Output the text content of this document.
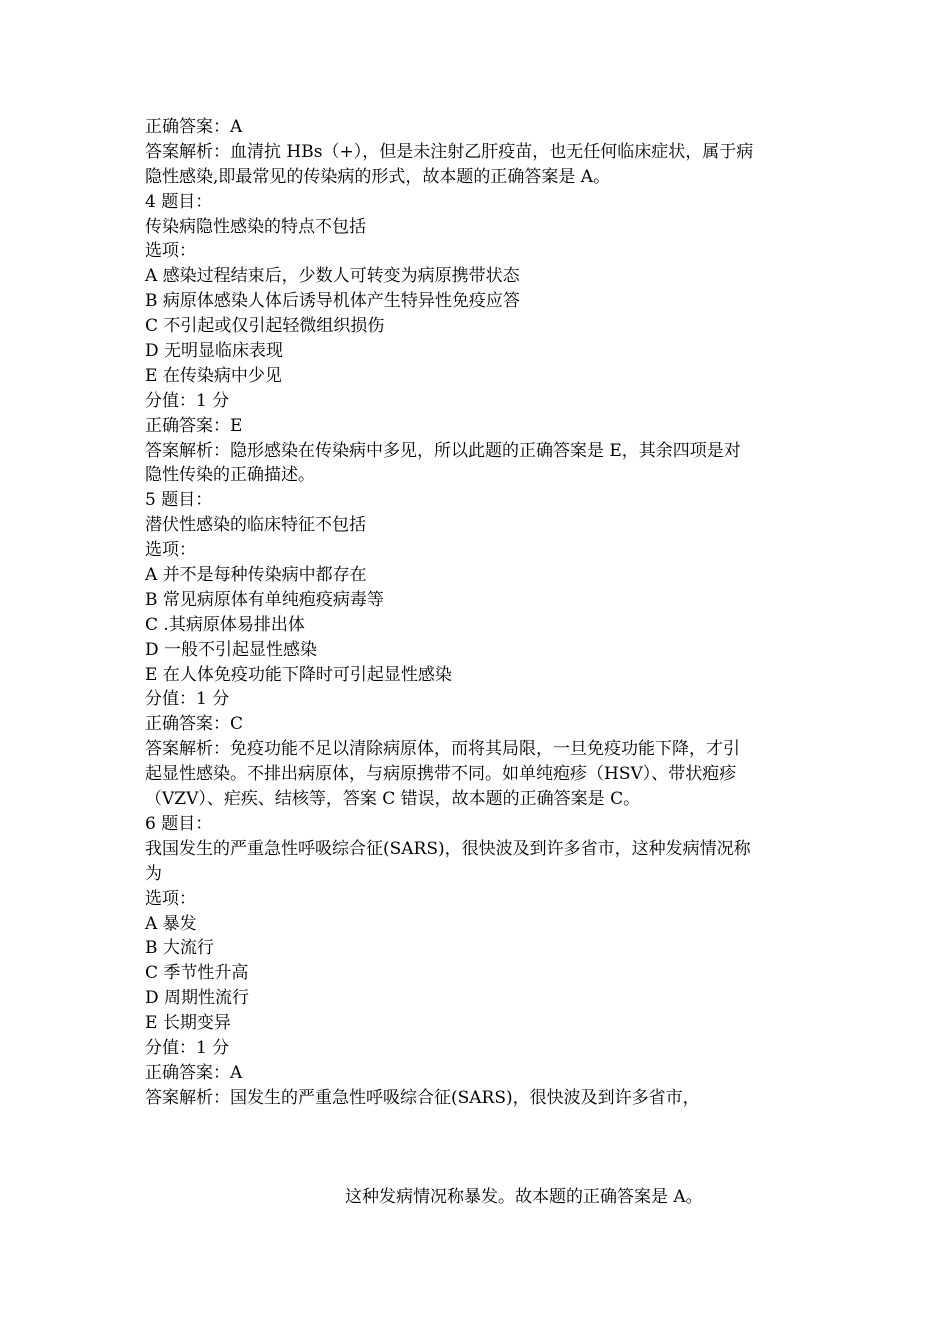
正确答案：A
答案解析：血清抗 HBs（+），但是未注射乙肝疫苗，也无任何临床症状，属于病
隐性感染,即最常见的传染病的形式，故本题的正确答案是 A。
4 题目：
传染病隐性感染的特点不包括
选项：
A 感染过程结束后，少数人可转变为病原携带状态
B 病原体感染人体后诱导机体产生特异性免疫应答
C 不引起或仅引起轻微组织损伤
D 无明显临床表现
E 在传染病中少见
分值：1 分
正确答案：E
答案解析：隐形感染在传染病中多见，所以此题的正确答案是 E，其余四项是对
隐性传染的正确描述。
5 题目：
潜伏性感染的临床特征不包括
选项：
A 并不是每种传染病中都存在
B 常见病原体有单纯疱疫病毒等
C .其病原体易排出体
D 一般不引起显性感染
E 在人体免疫功能下降时可引起显性感染
分值：1 分
正确答案：C
答案解析：免疫功能不足以清除病原体，而将其局限，一旦免疫功能下降，才引
起显性感染。不排出病原体，与病原携带不同。如单纯疱疹（HSV）、带状疱疹
（VZV）、疟疾、结核等，答案 C 错误，故本题的正确答案是 C。
6 题目：
我国发生的严重急性呼吸综合征(SARS)，很快波及到许多省市，这种发病情况称
为
选项：
A 暴发
B 大流行
C 季节性升高
D 周期性流行
E 长期变异
分值：1 分
正确答案：A
答案解析：国发生的严重急性呼吸综合征(SARS)，很快波及到许多省市，
这种发病情况称暴发。故本题的正确答案是 A。
